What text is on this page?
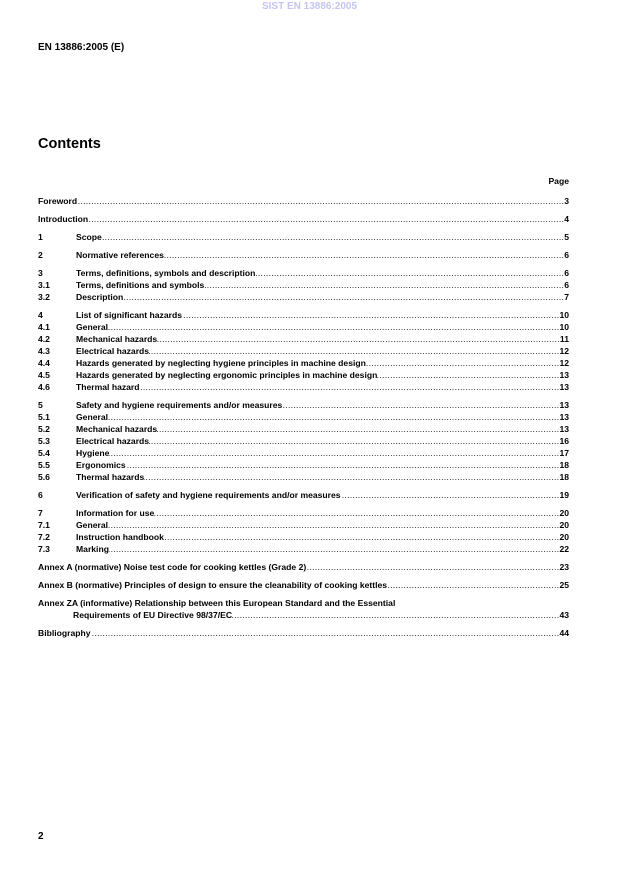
SIST EN 13886:2005
EN 13886:2005 (E)
Contents
Page
Foreword .....	3
Introduction .....	4
1	Scope .....	5
2	Normative references .....	6
3	Terms, definitions, symbols and description .....	6
3.1	Terms, definitions and symbols .....	6
3.2	Description .....	7
4	List of significant hazards .....	10
4.1	General .....	10
4.2	Mechanical hazards .....	11
4.3	Electrical hazards .....	12
4.4	Hazards generated by neglecting hygiene principles in machine design .....	12
4.5	Hazards generated by neglecting ergonomic principles in machine design .....	13
4.6	Thermal hazard .....	13
5	Safety and hygiene requirements and/or measures .....	13
5.1	General .....	13
5.2	Mechanical hazards .....	13
5.3	Electrical hazards .....	16
5.4	Hygiene .....	17
5.5	Ergonomics .....	18
5.6	Thermal hazards .....	18
6	Verification of safety and hygiene requirements and/or measures .....	19
7	Information for use .....	20
7.1	General .....	20
7.2	Instruction handbook .....	20
7.3	Marking .....	22
Annex A (normative) Noise test code for cooking kettles (Grade 2) .....	23
Annex B (normative) Principles of design to ensure the cleanability of cooking kettles .....	25
Annex ZA (informative) Relationship between this European Standard and the Essential
Requirements of EU Directive 98/37/EC .....	43
Bibliography .....	44
2
